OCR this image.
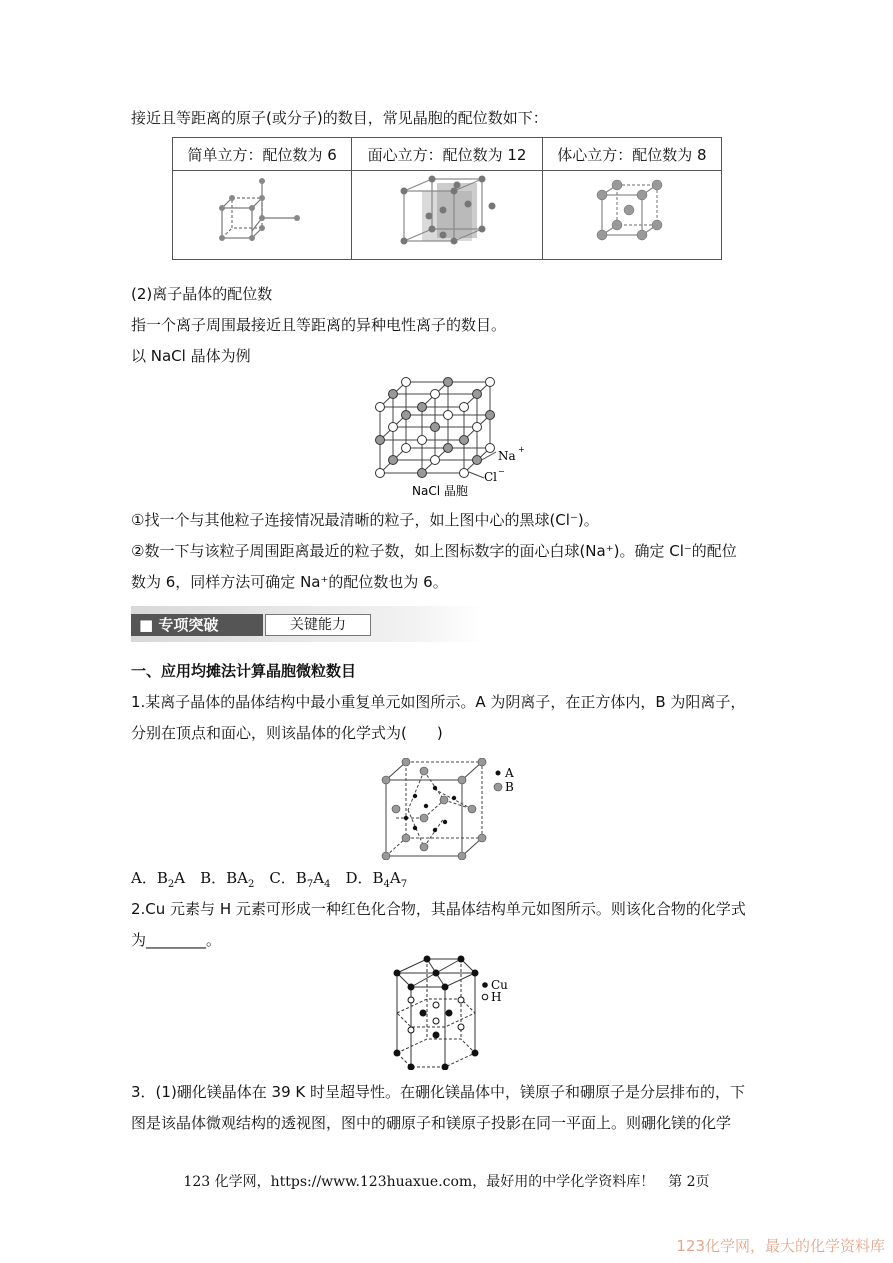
接近且等距离的原子(或分子)的数目，常见晶胞的配位数如下：
简单立方：配位数为 6	面心立方：配位数为 12	体心立方：配位数为 8

(2)离子晶体的配位数
指一个离子周围最接近且等距离的异种电性离子的数目。
以 NaCl 晶体为例
Na +
Cl −
NaCl 晶胞
①找一个与其他粒子连接情况最清晰的粒子，如上图中心的黑球(Cl⁻)。
②数一下与该粒子周围距离最近的粒子数，如上图标数字的面心白球(Na⁺)。确定 Cl⁻的配位
数为 6，同样方法可确定 Na⁺的配位数也为 6。
■ 专项突破	关键能力
一、应用均摊法计算晶胞微粒数目
1.某离子晶体的晶体结构中最小重复单元如图所示。A 为阴离子，在正方体内，B 为阳离子，
分别在顶点和面心，则该晶体的化学式为(　　)
A
B
A．$B_2A$　B．$BA_2$　C．$B_7A_4$　D．$B_4A_7$
2.Cu 元素与 H 元素可形成一种红色化合物，其晶体结构单元如图所示。则该化合物的化学式
为________。
Cu
H
3．(1)硼化镁晶体在 39 K 时呈超导性。在硼化镁晶体中，镁原子和硼原子是分层排布的，下
图是该晶体微观结构的透视图，图中的硼原子和镁原子投影在同一平面上。则硼化镁的化学
123 化学网，https://www.123huaxue.com，最好用的中学化学资料库！　第 2页
123化学网，最大的化学资料库
